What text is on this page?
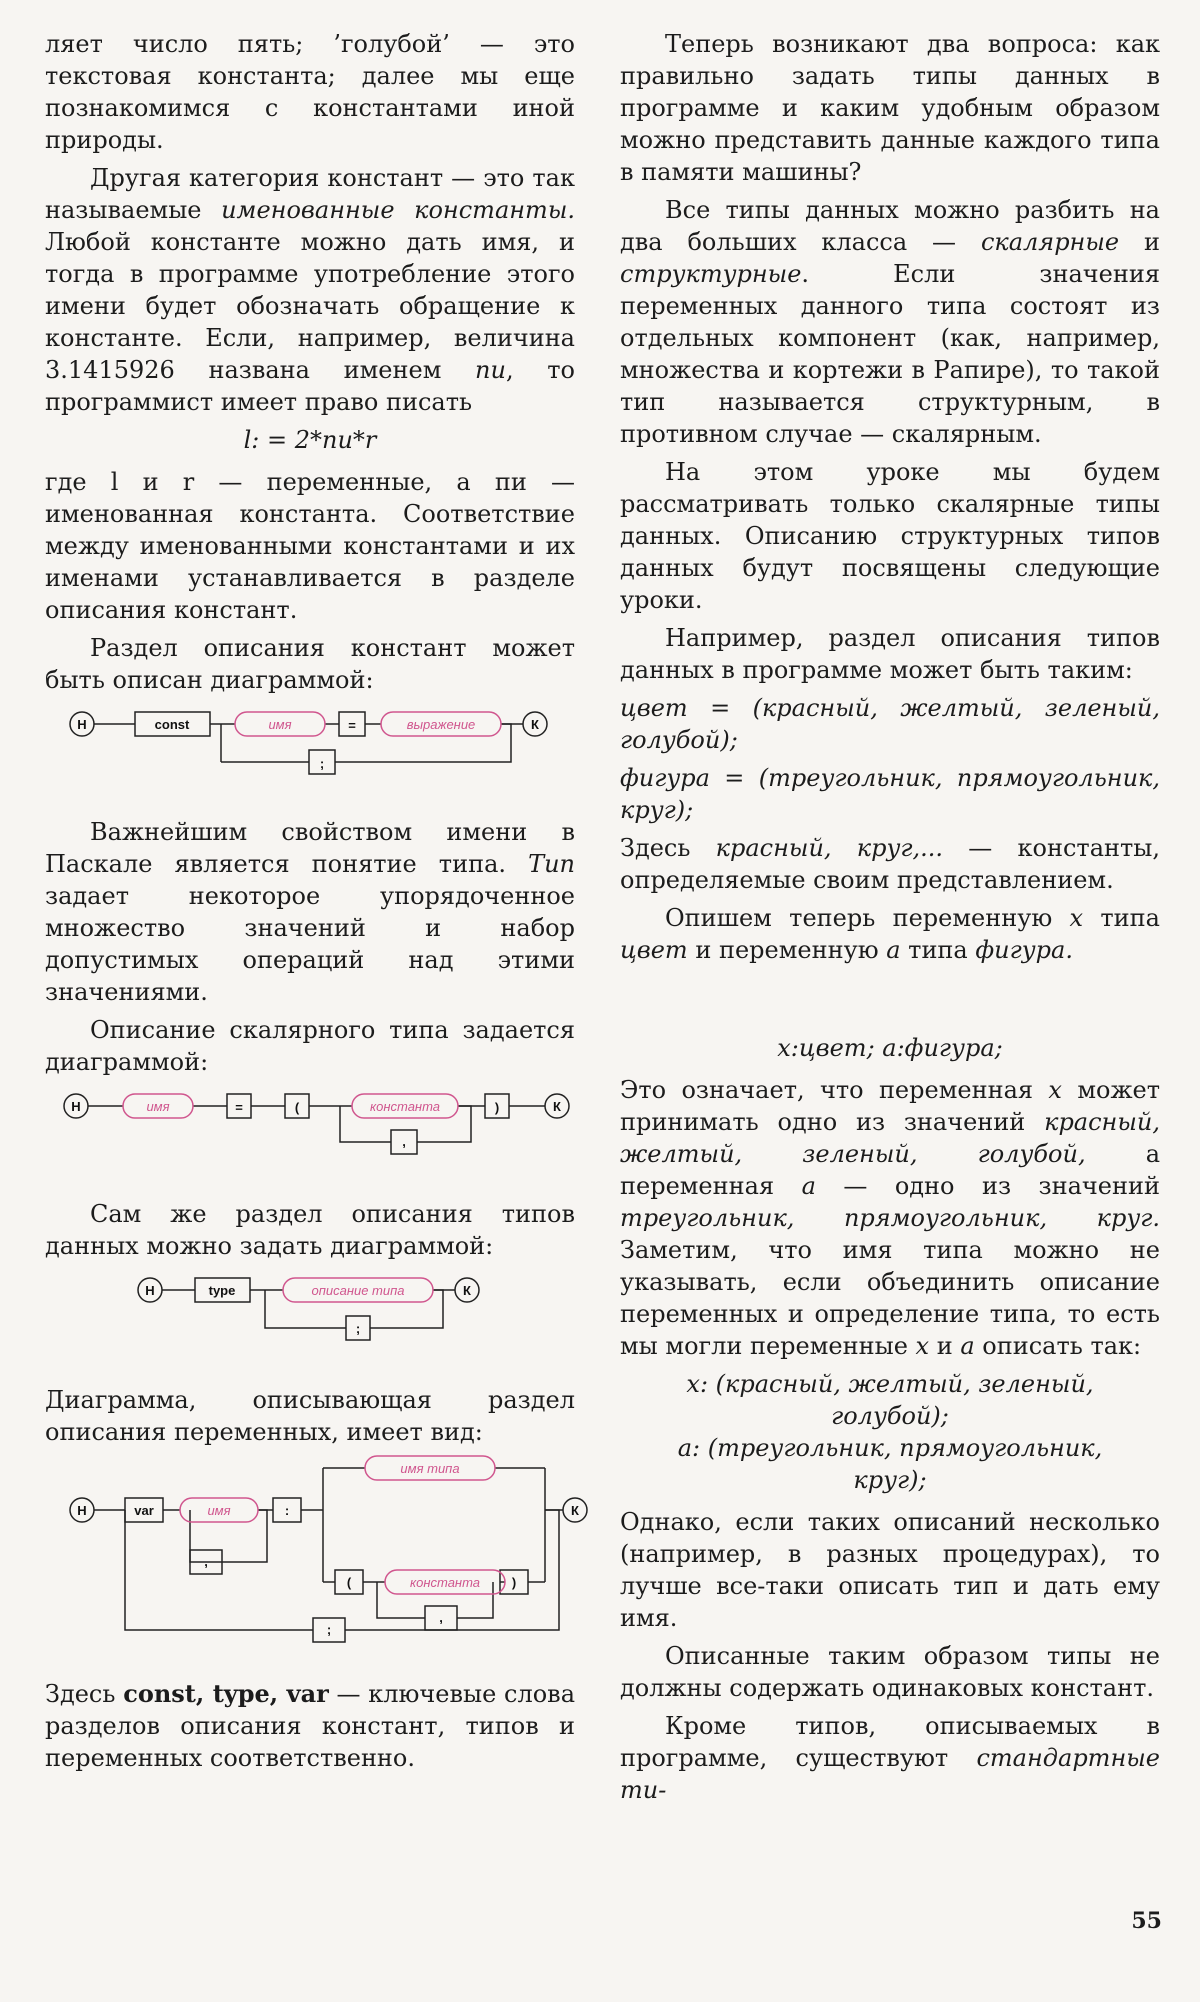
ляет число пять; ’голубой’ — это текстовая константа; далее мы еще познакомимся с константами иной природы.

Другая категория констант — это так называемые именованные константы. Любой константе можно дать имя, и тогда в программе употребление этого имени будет обозначать обращение к константе. Если, например, величина 3.1415926 названа именем пи, то программист имеет право писать

l: = 2*пи*r

где l и r — переменные, а пи — именованная константа. Соответствие между именованными константами и их именами устанавливается в разделе описания констант.

Раздел описания констант может быть описан диаграммой:

Н	К
const	=
;
имя	выражение

Важнейшим свойством имени в Паскале является понятие типа. Тип задает некоторое упорядоченное множество значений и набор допустимых операций над этими значениями.

Описание скалярного типа задается диаграммой:

Н	К
=	(	)
,
имя	константа

Сам же раздел описания типов данных можно задать диаграммой:

Н	К
type
;
описание типа

Диаграмма, описывающая раздел описания переменных, имеет вид:

Н	К
var	:
,
(	)
,
;
имя
имя типа
константа

Здесь const, type, var — ключевые слова разделов описания констант, типов и переменных соответственно.

Теперь возникают два вопроса: как правильно задать типы данных в программе и каким удобным образом можно представить данные каждого типа в памяти машины?

Все типы данных можно разбить на два больших класса — скалярные и структурные. Если значения переменных данного типа состоят из отдельных компонент (как, например, множества и кортежи в Рапире), то такой тип называется структурным, в противном случае — скалярным.

На этом уроке мы будем рассматривать только скалярные типы данных. Описанию структурных типов данных будут посвящены следующие уроки.

Например, раздел описания типов данных в программе может быть таким:

цвет = (красный, желтый, зеленый, голубой);

фигура = (треугольник, прямоугольник, круг);

Здесь красный, круг,... — константы, определяемые своим представлением.

Опишем теперь переменную x типа цвет и переменную a типа фигура.

x:цвет; a:фигура;

Это означает, что переменная x может принимать одно из значений красный, желтый, зеленый, голубой, а переменная a — одно из значений треугольник, прямоугольник, круг. Заметим, что имя типа можно не указывать, если объединить описание переменных и определение типа, то есть мы могли переменные x и a описать так:

x: (красный, желтый, зеленый,

голубой);

a: (треугольник, прямоугольник,

круг);

Однако, если таких описаний несколько (например, в разных процедурах), то лучше все-таки описать тип и дать ему имя.

Описанные таким образом типы не должны содержать одинаковых констант.

Кроме типов, описываемых в программе, существуют стандартные ти-

55
